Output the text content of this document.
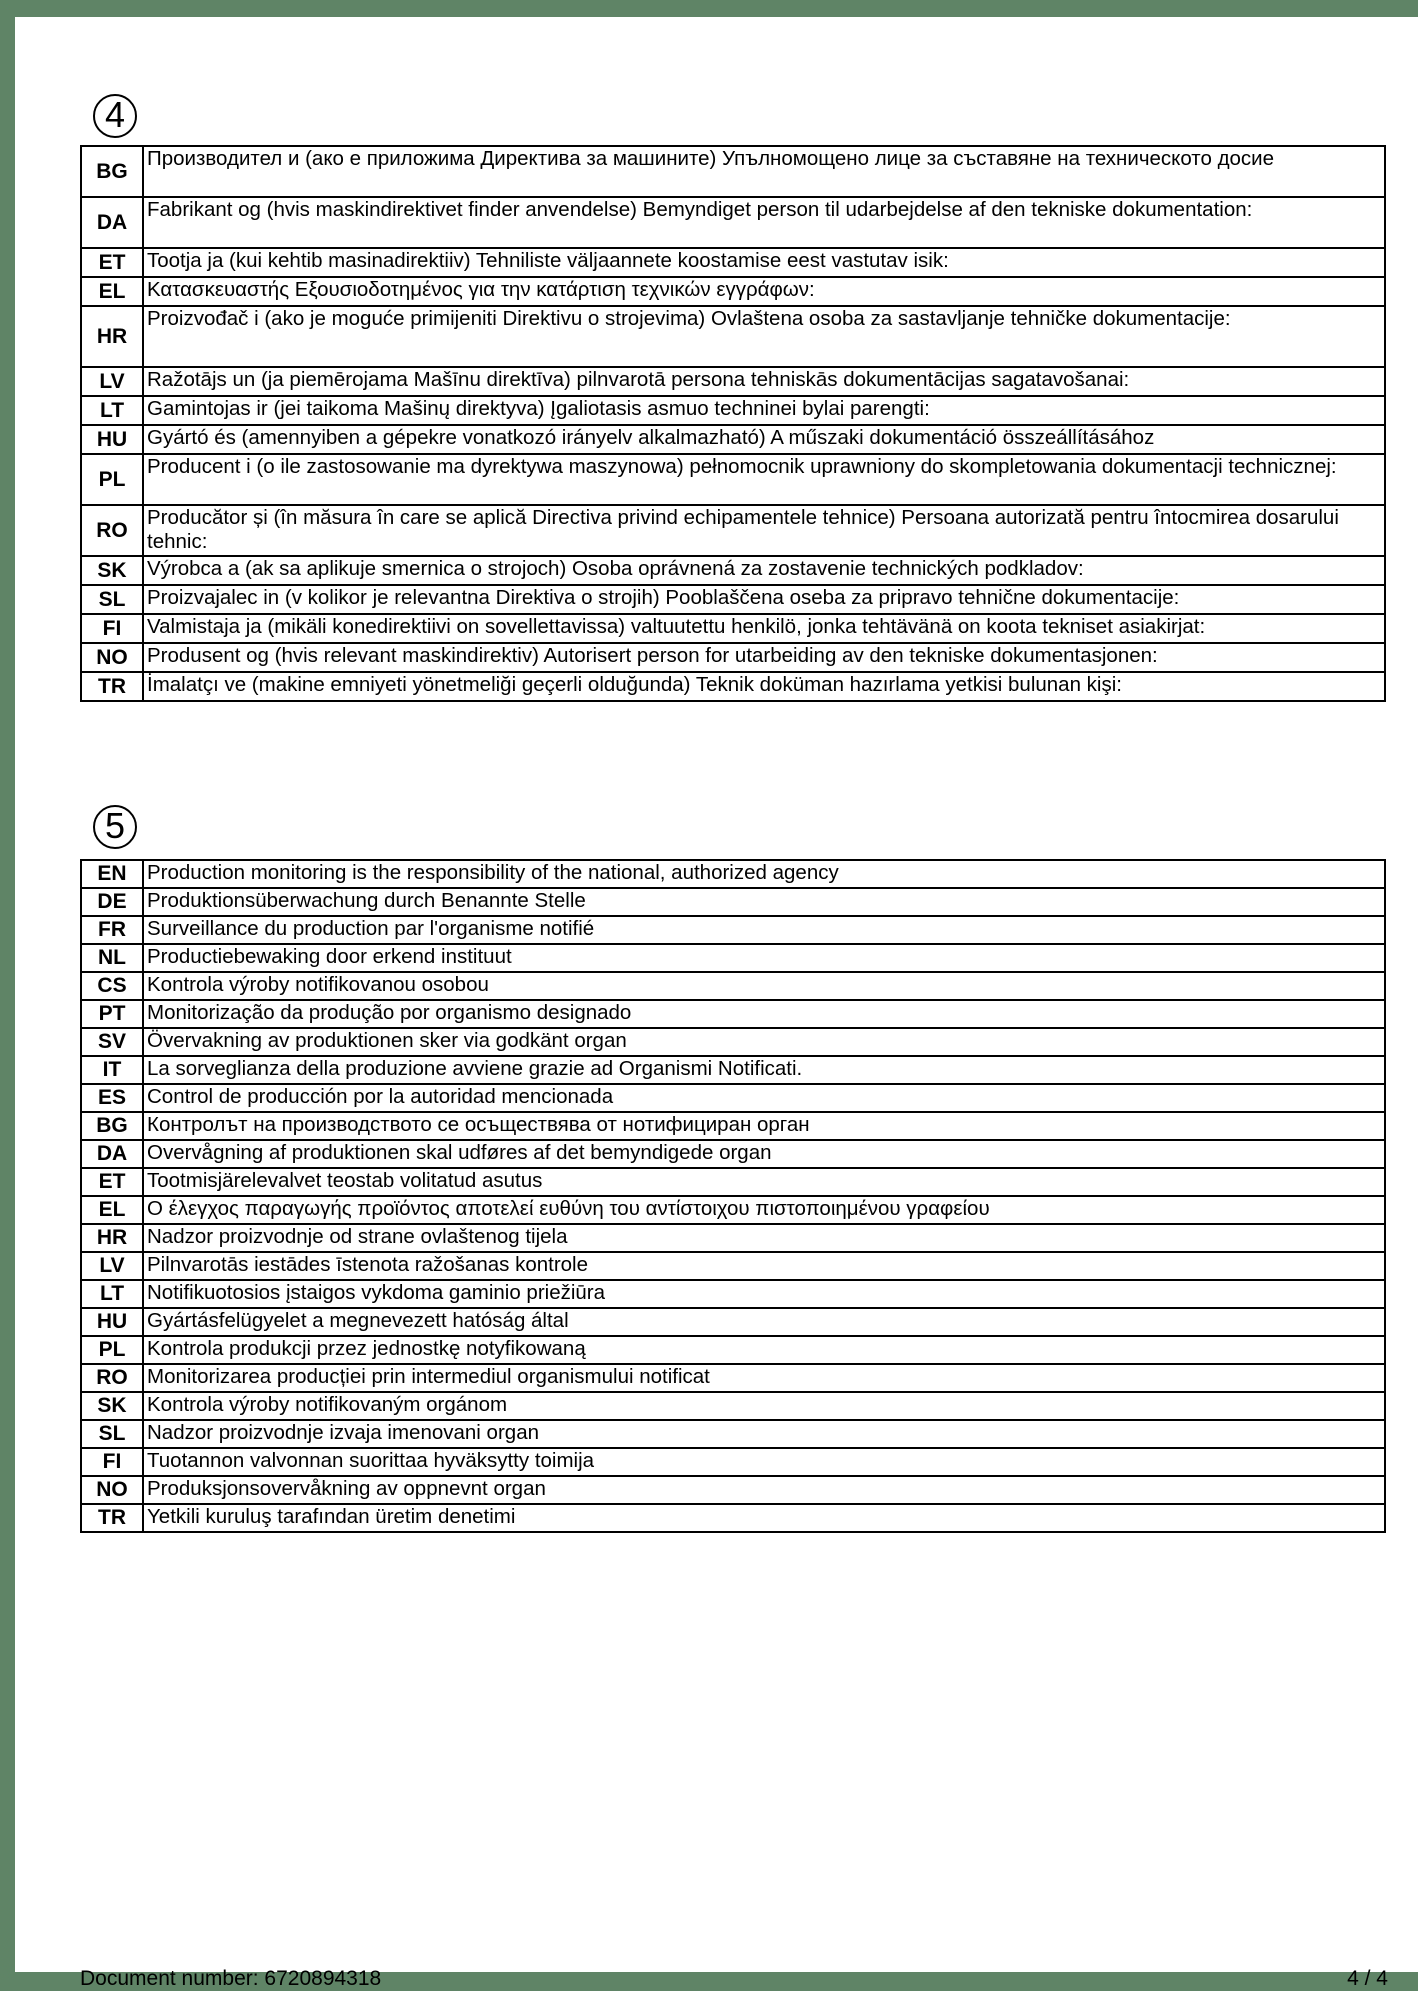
4
BG	Производител и (ако е приложима Директива за машините) Упълномощено лице за съставяне на техническото досие
DA	Fabrikant og (hvis maskindirektivet finder anvendelse) Bemyndiget person til udarbejdelse af den tekniske dokumentation:
ET	Tootja ja (kui kehtib masinadirektiiv) Tehniliste väljaannete koostamise eest vastutav isik:
EL	Κατασκευαστής Εξουσιοδοτημένος για την κατάρτιση τεχνικών εγγράφων:
HR	Proizvođač i (ako je moguće primijeniti Direktivu o strojevima) Ovlaštena osoba za sastavljanje tehničke dokumentacije:
LV	Ražotājs un (ja piemērojama Mašīnu direktīva) pilnvarotā persona tehniskās dokumentācijas sagatavošanai:
LT	Gamintojas ir (jei taikoma Mašinų direktyva) Įgaliotasis asmuo techninei bylai parengti:
HU	Gyártó és (amennyiben a gépekre vonatkozó irányelv alkalmazható) A műszaki dokumentáció összeállításához
PL	Producent i (o ile zastosowanie ma dyrektywa maszynowa) pełnomocnik uprawniony do skompletowania dokumentacji technicznej:
RO	Producător și (în măsura în care se aplică Directiva privind echipamentele tehnice) Persoana autorizată pentru întocmirea dosarului tehnic:
SK	Výrobca a (ak sa aplikuje smernica o strojoch) Osoba oprávnená za zostavenie technických podkladov:
SL	Proizvajalec in (v kolikor je relevantna Direktiva o strojih) Pooblaščena oseba za pripravo tehnične dokumentacije:
FI	Valmistaja ja (mikäli konedirektiivi on sovellettavissa) valtuutettu henkilö, jonka tehtävänä on koota tekniset asiakirjat:
NO	Produsent og (hvis relevant maskindirektiv) Autorisert person for utarbeiding av den tekniske dokumentasjonen:
TR	İmalatçı ve (makine emniyeti yönetmeliği geçerli olduğunda) Teknik doküman hazırlama yetkisi bulunan kişi:
5
EN	Production monitoring is the responsibility of the national, authorized agency
DE	Produktionsüberwachung durch Benannte Stelle
FR	Surveillance du production par l'organisme notifié
NL	Productiebewaking door erkend instituut
CS	Kontrola výroby notifikovanou osobou
PT	Monitorização da produção por organismo designado
SV	Övervakning av produktionen sker via godkänt organ
IT	La sorveglianza della produzione avviene grazie ad Organismi Notificati.
ES	Control de producción por la autoridad mencionada
BG	Контролът на производството се осъществява от нотифициран орган
DA	Overvågning af produktionen skal udføres af det bemyndigede organ
ET	Tootmisjärelevalvet teostab volitatud asutus
EL	Ο έλεγχος παραγωγής προϊόντος αποτελεί ευθύνη του αντίστοιχου πιστοποιημένου γραφείου
HR	Nadzor proizvodnje od strane ovlaštenog tijela
LV	Pilnvarotās iestādes īstenota ražošanas kontrole
LT	Notifikuotosios įstaigos vykdoma gaminio priežiūra
HU	Gyártásfelügyelet a megnevezett hatóság által
PL	Kontrola produkcji przez jednostkę notyfikowaną
RO	Monitorizarea producției prin intermediul organismului notificat
SK	Kontrola výroby notifikovaným orgánom
SL	Nadzor proizvodnje izvaja imenovani organ
FI	Tuotannon valvonnan suorittaa hyväksytty toimija
NO	Produksjonsovervåkning av oppnevnt organ
TR	Yetkili kuruluş tarafından üretim denetimi
Document number: 6720894318	4 / 4
